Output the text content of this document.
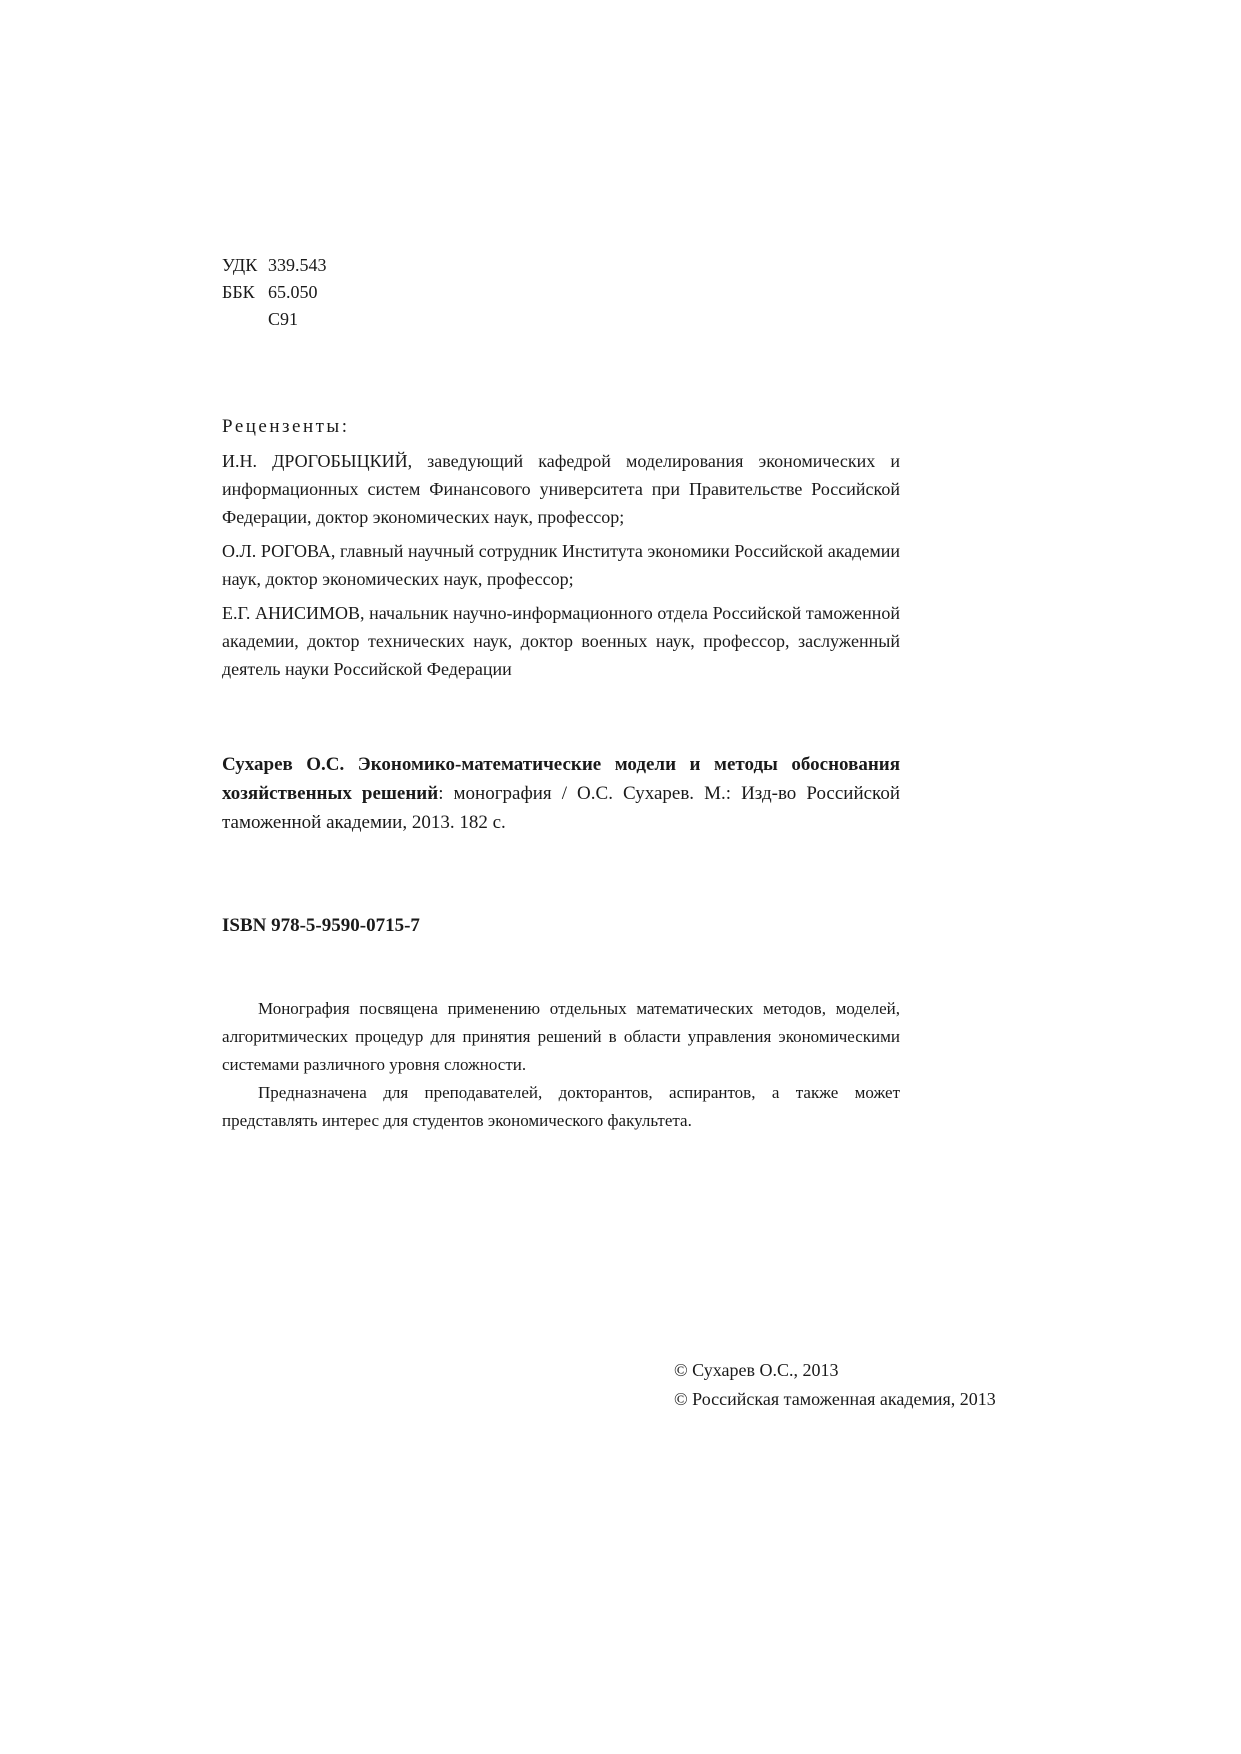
УДК 339.543
ББК 65.050
С91
Рецензенты:
И.Н. ДРОГОБЫЦКИЙ, заведующий кафедрой моделирования экономических и информационных систем Финансового университета при Правительстве Российской Федерации, доктор экономических наук, профессор;
О.Л. РОГОВА, главный научный сотрудник Института экономики Российской академии наук, доктор экономических наук, профессор;
Е.Г. АНИСИМОВ, начальник научно-информационного отдела Российской таможенной академии, доктор технических наук, доктор военных наук, профессор, заслуженный деятель науки Российской Федерации
Сухарев О.С. Экономико-математические модели и методы обоснования хозяйственных решений: монография / О.С. Сухарев. М.: Изд-во Российской таможенной академии, 2013. 182 с.
ISBN 978-5-9590-0715-7

Монография посвящена применению отдельных математических методов, моделей, алгоритмических процедур для принятия решений в области управления экономическими системами различного уровня сложности.

Предназначена для преподавателей, докторантов, аспирантов, а также может представлять интерес для студентов экономического факультета.

© Сухарев О.С., 2013
© Российская таможенная академия, 2013
